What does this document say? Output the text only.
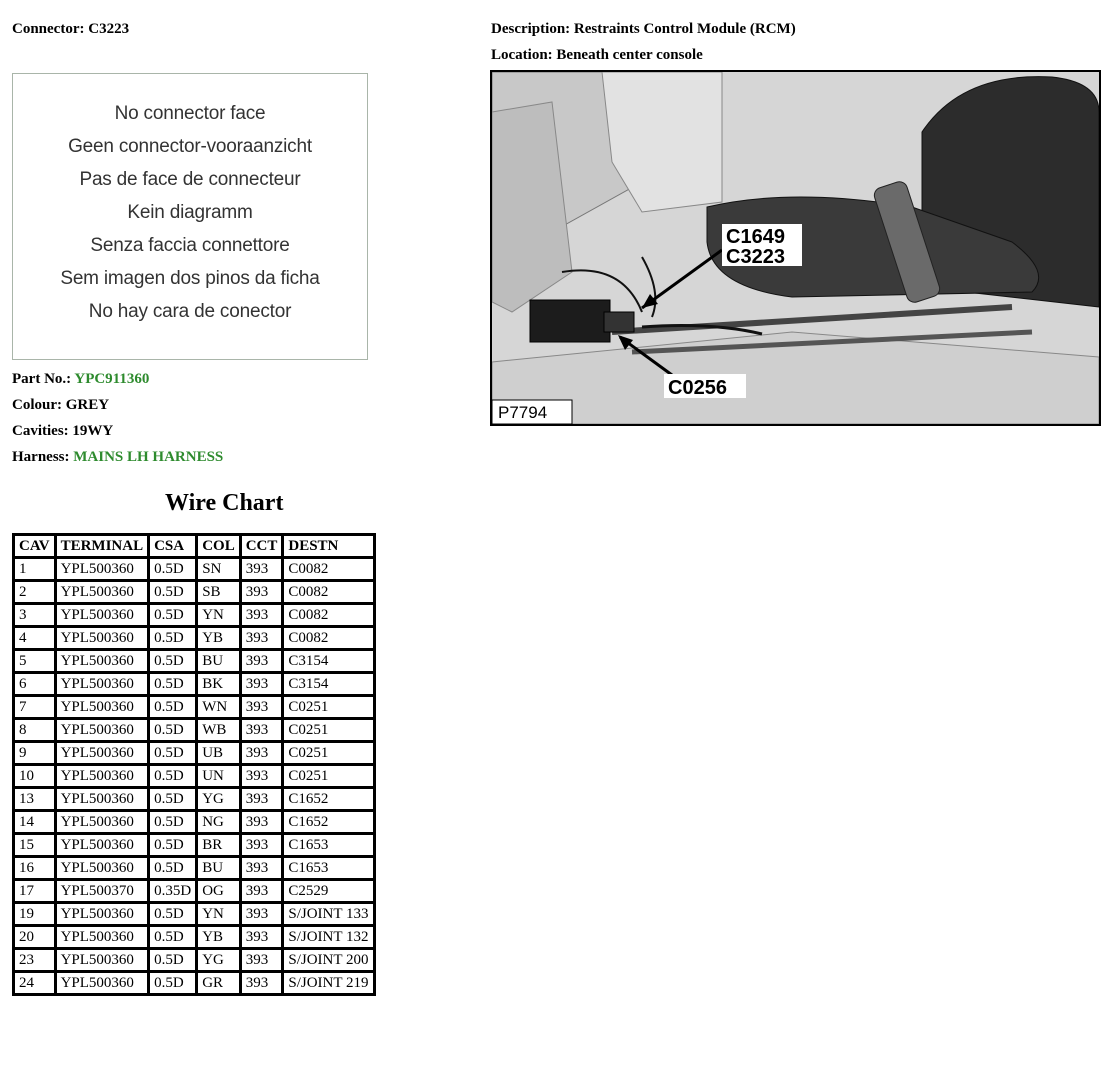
Connector: C3223	Description: Restraints Control Module (RCM)
Location: Beneath center console
No connector face
Geen connector-vooraanzicht
Pas de face de connecteur
Kein diagramm
Senza faccia connettore
Sem imagen dos pinos da ficha
No hay cara de conector
Part No.: YPC911360
Colour: GREY
Cavities: 19WY
Harness: MAINS LH HARNESS
Wire Chart
CAV	TERMINAL	CSA	COL	CCT	DESTN
1	YPL500360	0.5D	SN	393	C0082
2	YPL500360	0.5D	SB	393	C0082
3	YPL500360	0.5D	YN	393	C0082
4	YPL500360	0.5D	YB	393	C0082
5	YPL500360	0.5D	BU	393	C3154
6	YPL500360	0.5D	BK	393	C3154
7	YPL500360	0.5D	WN	393	C0251
8	YPL500360	0.5D	WB	393	C0251
9	YPL500360	0.5D	UB	393	C0251
10	YPL500360	0.5D	UN	393	C0251
13	YPL500360	0.5D	YG	393	C1652
14	YPL500360	0.5D	NG	393	C1652
15	YPL500360	0.5D	BR	393	C1653
16	YPL500360	0.5D	BU	393	C1653
17	YPL500370	0.35D	OG	393	C2529
19	YPL500360	0.5D	YN	393	S/JOINT 133
20	YPL500360	0.5D	YB	393	S/JOINT 132
23	YPL500360	0.5D	YG	393	S/JOINT 200
24	YPL500360	0.5D	GR	393	S/JOINT 219
C1649
C3223
C0256
P7794
